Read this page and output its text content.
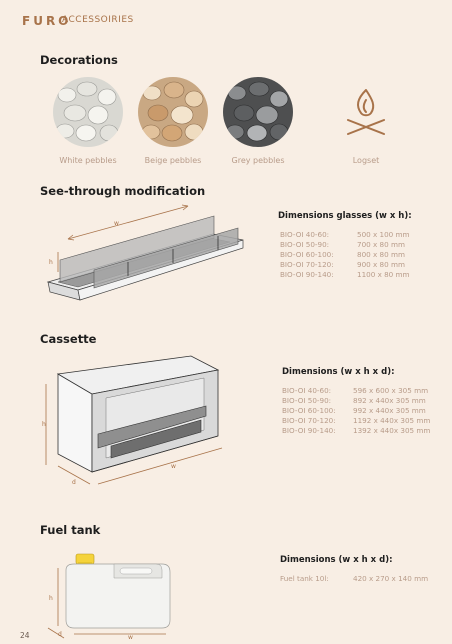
FURO
ACCESSOIRIES
Decorations
White pebbles	Beige pebbles	Grey pebbles	Logset
See-through modification
w
h
Dimensions glasses (w x h):
BIO-OI 40-60:	500 x 100 mm
BIO-OI 50-90:	700 x 80 mm
BIO-OI 60-100:	800 x 80 mm
BIO-OI 70-120:	900 x 80 mm
BIO-OI 90-140:	1100 x 80 mm
Cassette
h
w
d
Dimensions (w x h x d):
BIO-OI 40-60:	596 x 600 x 305 mm
BIO-OI 50-90:	892 x 440x 305 mm
BIO-OI 60-100: 992 x 440x 305 mm
BIO-OI 70-120: 1192 x 440x 305 mm
BIO-OI 90-140: 1392 x 440x 305 mm
Fuel tank
h
w
d
Dimensions (w x h x d):
Fuel tank 10l:	420 x 270 x 140 mm
24
